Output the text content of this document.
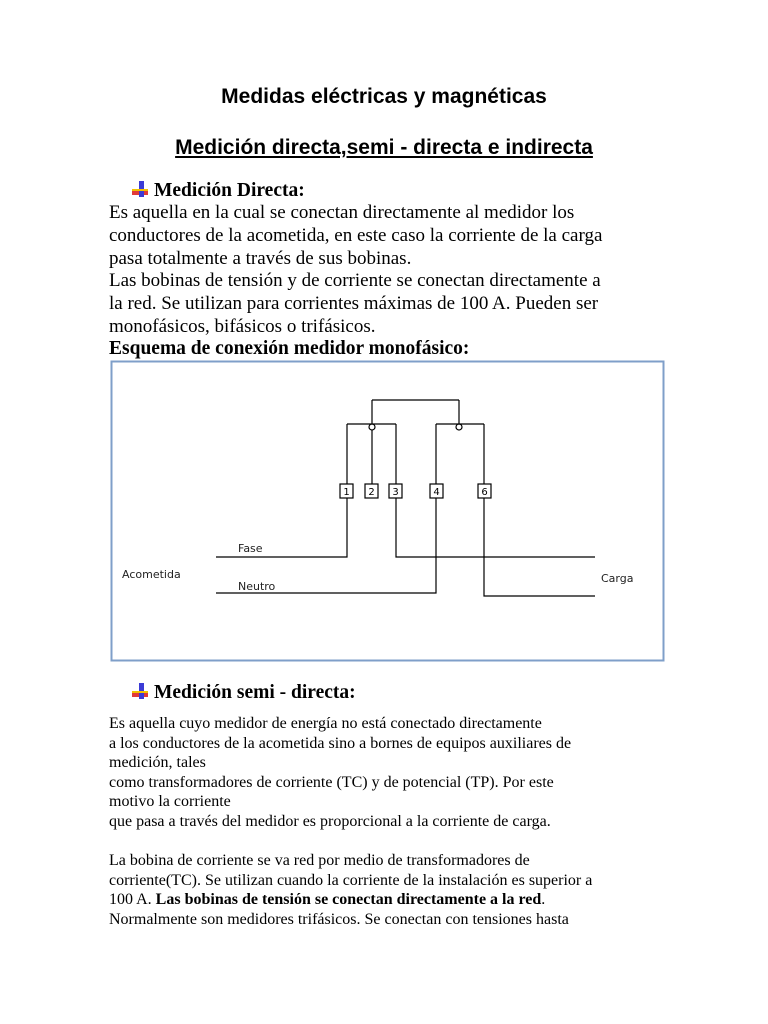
Medidas eléctricas y magnéticas
Medición directa,semi - directa e indirecta
Medición Directa:
Es aquella en la cual se conectan directamente al medidor los
conductores de la acometida, en este caso la corriente de la carga
pasa totalmente a través de sus bobinas.
Las bobinas de tensión y de corriente se conectan directamente a
la red. Se utilizan para corrientes máximas de 100 A. Pueden ser
monofásicos, bifásicos o trifásicos.
Esquema de conexión medidor monofásico:
1 2 3	4	6
Fase
Acometida
Neutro
Carga
Medición semi - directa:
Es aquella cuyo medidor de energía no está conectado directamente
a los conductores de la acometida sino a bornes de equipos auxiliares de
medición, tales
como transformadores de corriente (TC) y de potencial (TP). Por este
motivo la corriente
que pasa a través del medidor es proporcional a la corriente de carga.
La bobina de corriente se va red por medio de transformadores de
corriente(TC). Se utilizan cuando la corriente de la instalación es superior a
100 A. Las bobinas de tensión se conectan directamente a la red.
Normalmente son medidores trifásicos. Se conectan con tensiones hasta
